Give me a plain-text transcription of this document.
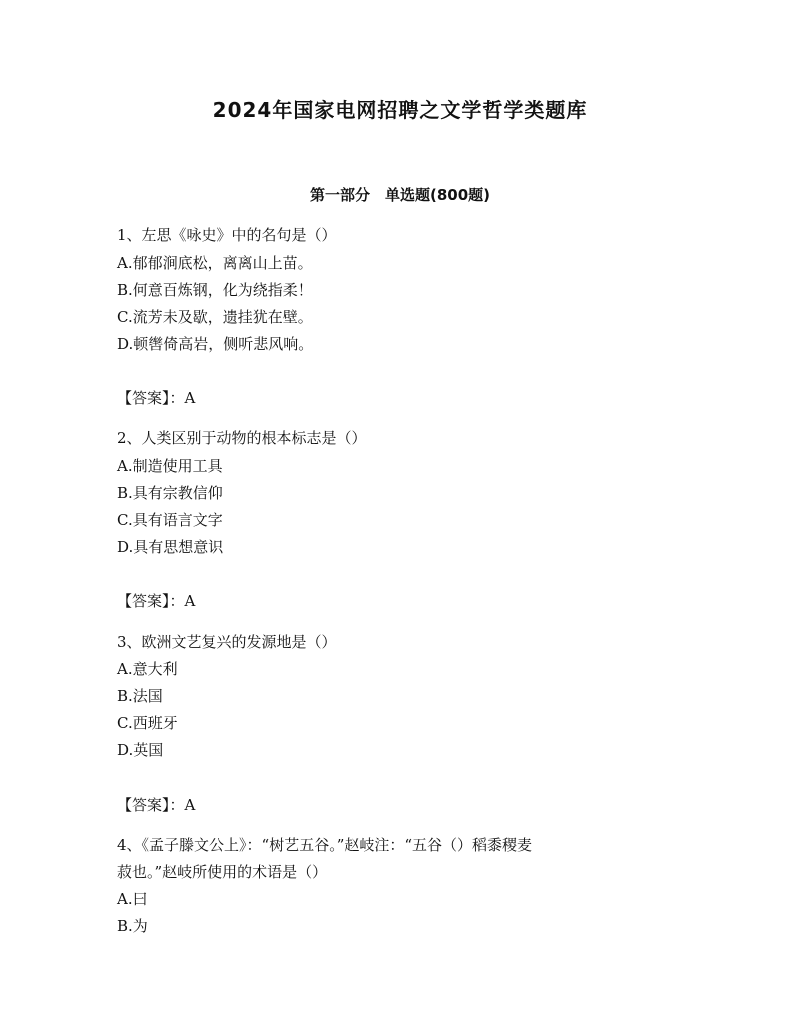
2024年国家电网招聘之文学哲学类题库
第一部分　单选题(800题)

1、左思《咏史》中的名句是（）

A.郁郁涧底松，离离山上苗。

B.何意百炼钢，化为绕指柔！

C.流芳未及歇，遗挂犹在壁。

D.顿辔倚高岩，侧听悲风响。

【答案】：A

2、人类区别于动物的根本标志是（）

A.制造使用工具

B.具有宗教信仰

C.具有语言文字

D.具有思想意识

【答案】：A

3、欧洲文艺复兴的发源地是（）

A.意大利

B.法国

C.西班牙

D.英国

【答案】：A

4、《孟子滕文公上》：“树艺五谷。”赵岐注：“五谷（）稻黍稷麦
菽也。”赵岐所使用的术语是（）

A.曰

B.为
